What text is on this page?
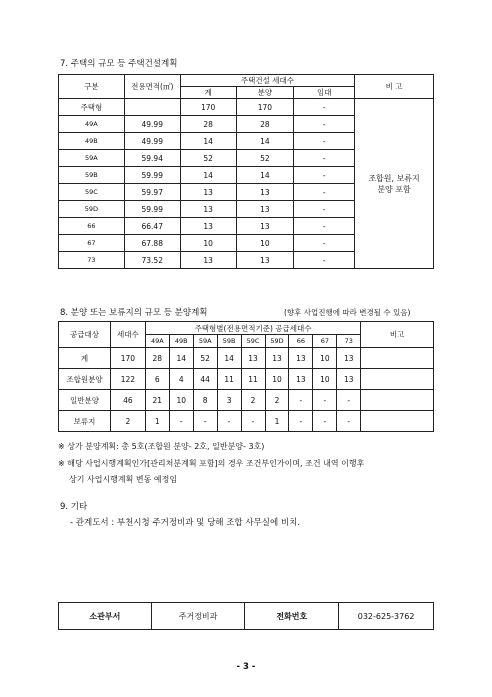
7. 주택의 규모 등 주택건설계획
구분	전용면적(㎡)	주택건설 세대수			비 고
		계	분양	임대	
주택형		170	170	-	조합원, 보류지
분양 포함

49A	49.99	28	28	-	
49B	49.99	14	14	-	
59A	59.94	52	52	-	
59B	59.99	14	14	-	
59C	59.97	13	13	-	
59D	59.99	13	13	-	
66	66.47	13	13	-	
67	67.88	10	10	-	
73	73.52	13	13	-	
8. 분양 또는 보류지의 규모 등 분양계획	(향후 사업진행에 따라 변경될 수 있음)
공급대상	세대수	주택형별(전용면적기준) 공급세대수									비고
		49A	49B	59A	59B	59C	59D	66	67	73	
계	170	28	14	52	14	13	13	13	10	13	
조합원분양	122	6	4	44	11	11	10	13	10	13	
일반분양	46	21	10	8	3	2	2	-	-	-	
보류지	2	1	-	-	-	-	1	-	-	-	
※ 상가 분양계획: 총 5호(조합원 분양- 2호, 일반분양- 3호)
※ 해당 사업시행계획인가[관리처분계획 포함]의 경우 조건부인가이며, 조건 내역 이행후
상기 사업시행계획 변동 예정임
9. 기타
- 관계도서 : 부천시청 주거정비과 및 당해 조합 사무실에 비치.
소관부서	주거정비과	전화번호	032-625-3762
- 3 -
